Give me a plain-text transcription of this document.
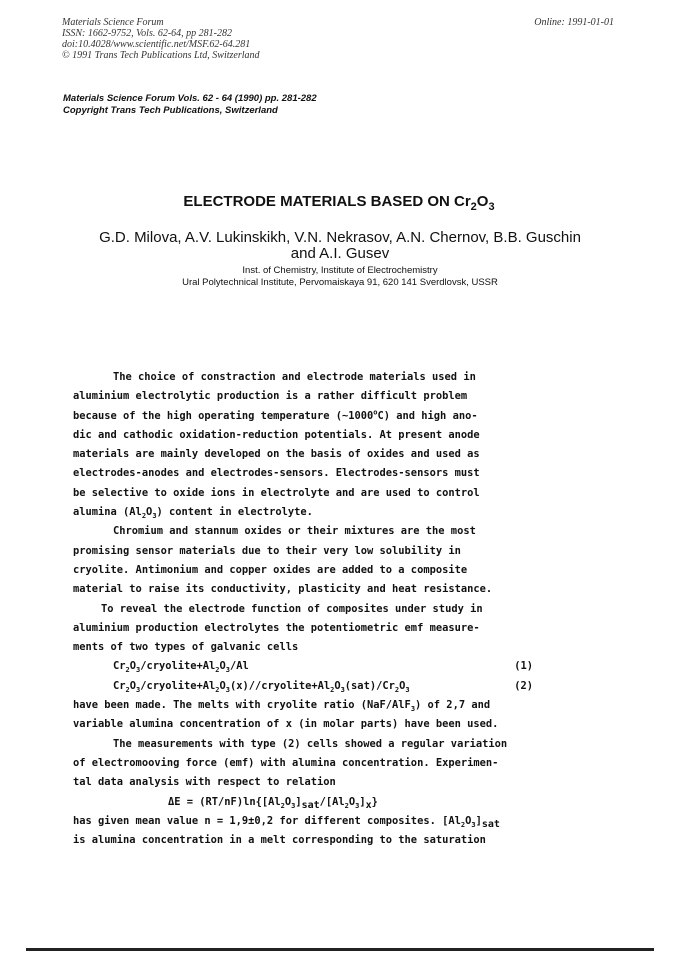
Materials Science Forum
ISSN: 1662-9752, Vols. 62-64, pp 281-282
doi:10.4028/www.scientific.net/MSF.62-64.281
© 1991 Trans Tech Publications Ltd, Switzerland
Online: 1991-01-01
Materials Science Forum Vols. 62 - 64 (1990) pp. 281-282
Copyright Trans Tech Publications, Switzerland
ELECTRODE MATERIALS BASED ON $Cr_2O_3$
G.D. Milova, A.V. Lukinskikh, V.N. Nekrasov, A.N. Chernov, B.B. Guschin
and A.I. Gusev
Inst. of Chemistry, Institute of Electrochemistry
Ural Polytechnical Institute, Pervomaiskaya 91, 620 141 Sverdlovsk, USSR
The choice of constraction and electrode materials used in
aluminium electrolytic production is a rather difficult problem
because of the high operating temperature (~1000$^o$C) and high ano-
dic and cathodic oxidation-reduction potentials. At present anode
materials are mainly developed on the basis of oxides and used as
electrodes-anodes and electrodes-sensors. Electrodes-sensors must
be selective to oxide ions in electrolyte and are used to control
alumina $(Al_2O_3)$ content in electrolyte.
Chromium and stannum oxides or their mixtures are the most
promising sensor materials due to their very low solubility in
cryolite. Antimonium and copper oxides are added to a composite
material to raise its conductivity, plasticity and heat resistance.
To reveal the electrode function of composites under study in
aluminium production electrolytes the potentiometric emf measure-
ments of two types of galvanic cells
$Cr_2O_3/cryolite+Al_2O_3/Al$	(1)
$Cr_2O_3/cryolite+Al_2O_3(x)//cryolite+Al_2O_3(sat)/Cr_2O_3$	(2)
have been made. The melts with cryolite ratio (NaF/AlF$_3$) of 2,7 and
variable alumina concentration of x (in molar parts) have been used.
The measurements with type (2) cells showed a regular variation
of electromooving force (emf) with alumina concentration. Experimen-
tal data analysis with respect to relation
$\Delta E = (RT/nF)\ln\{[Al_2O_3]_{sat}/[Al_2O_3]_x\}$
has given mean value n = 1,9±0,2 for different composites. $[Al_2O_3]_{sat}$
is alumina concentration in a melt corresponding to the saturation
